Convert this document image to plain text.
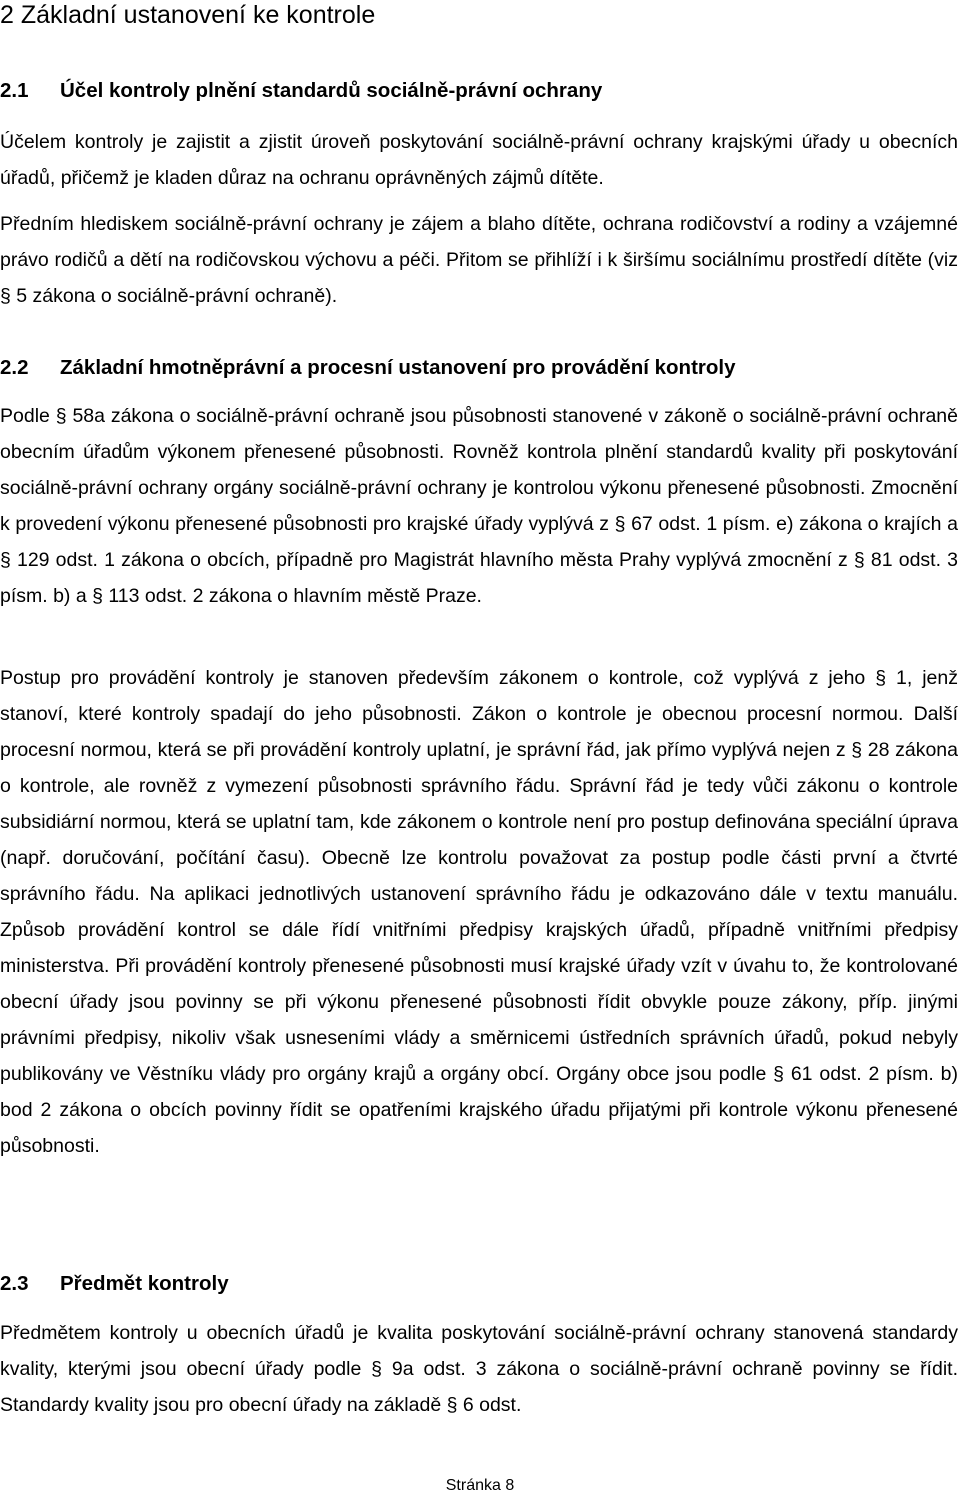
2 Základní ustanovení ke kontrole
2.1 Účel kontroly plnění standardů sociálně-právní ochrany

Účelem kontroly je zajistit a zjistit úroveň poskytování sociálně-právní ochrany krajskými úřady u obecních úřadů, přičemž je kladen důraz na ochranu oprávněných zájmů dítěte.

Předním hlediskem sociálně-právní ochrany je zájem a blaho dítěte, ochrana rodičovství a rodiny a vzájemné právo rodičů a dětí na rodičovskou výchovu a péči. Přitom se přihlíží i k širšímu sociálnímu prostředí dítěte (viz § 5 zákona o sociálně-právní ochraně).

2.2 Základní hmotněprávní a procesní ustanovení pro provádění kontroly

Podle § 58a zákona o sociálně-právní ochraně jsou působnosti stanovené v zákoně o sociálně-právní ochraně obecním úřadům výkonem přenesené působnosti. Rovněž kontrola plnění standardů kvality při poskytování sociálně-právní ochrany orgány sociálně-právní ochrany je kontrolou výkonu přenesené působnosti. Zmocnění k provedení výkonu přenesené působnosti pro krajské úřady vyplývá z § 67 odst. 1 písm. e) zákona o krajích a § 129 odst. 1 zákona o obcích, případně pro Magistrát hlavního města Prahy vyplývá zmocnění z § 81 odst. 3 písm. b) a § 113 odst. 2 zákona o hlavním městě Praze.

Postup pro provádění kontroly je stanoven především zákonem o kontrole, což vyplývá z jeho § 1, jenž stanoví, které kontroly spadají do jeho působnosti. Zákon o kontrole je obecnou procesní normou. Další procesní normou, která se při provádění kontroly uplatní, je správní řád, jak přímo vyplývá nejen z § 28 zákona o kontrole, ale rovněž z vymezení působnosti správního řádu. Správní řád je tedy vůči zákonu o kontrole subsidiární normou, která se uplatní tam, kde zákonem o kontrole není pro postup definována speciální úprava (např. doručování, počítání času). Obecně lze kontrolu považovat za postup podle části první a čtvrté správního řádu. Na aplikaci jednotlivých ustanovení správního řádu je odkazováno dále v textu manuálu. Způsob provádění kontrol se dále řídí vnitřními předpisy krajských úřadů, případně vnitřními předpisy ministerstva. Při provádění kontroly přenesené působnosti musí krajské úřady vzít v úvahu to, že kontrolované obecní úřady jsou povinny se při výkonu přenesené působnosti řídit obvykle pouze zákony, příp. jinými právními předpisy, nikoliv však usneseními vlády a směrnicemi ústředních správních úřadů, pokud nebyly publikovány ve Věstníku vlády pro orgány krajů a orgány obcí. Orgány obce jsou podle § 61 odst. 2 písm. b) bod 2 zákona o obcích povinny řídit se opatřeními krajského úřadu přijatými při kontrole výkonu přenesené působnosti.

2.3 Předmět kontroly

Předmětem kontroly u obecních úřadů je kvalita poskytování sociálně-právní ochrany stanovená standardy kvality, kterými jsou obecní úřady podle § 9a odst. 3 zákona o sociálně-právní ochraně povinny se řídit. Standardy kvality jsou pro obecní úřady na základě § 6 odst.

Stránka 8
